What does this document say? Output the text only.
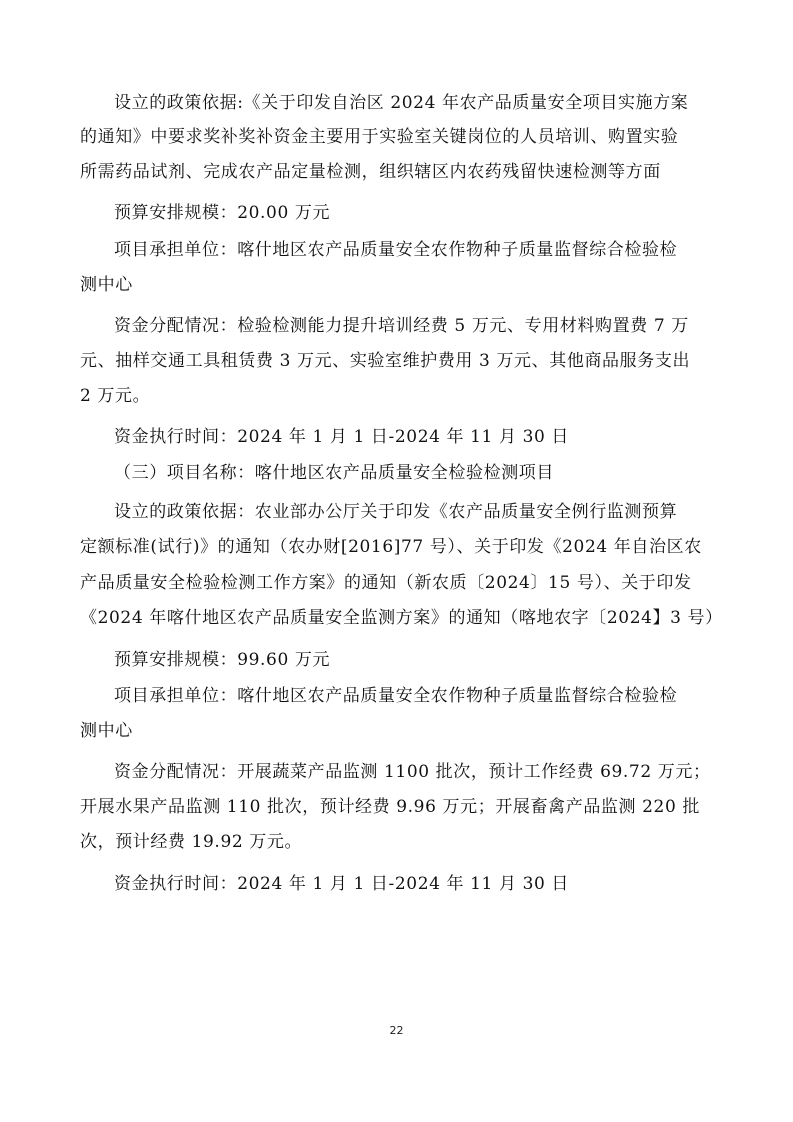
设立的政策依据:《关于印发自治区 2024 年农产品质量安全项目实施方案
的通知》中要求奖补奖补资金主要用于实验室关键岗位的人员培训、购置实验
所需药品试剂、完成农产品定量检测，组织辖区内农药残留快速检测等方面
预算安排规模：20.00 万元
项目承担单位：喀什地区农产品质量安全农作物种子质量监督综合检验检
测中心
资金分配情况：检验检测能力提升培训经费 5 万元、专用材料购置费 7 万
元、抽样交通工具租赁费 3 万元、实验室维护费用 3 万元、其他商品服务支出
2 万元。
资金执行时间：2024 年 1 月 1 日-2024 年 11 月 30 日
（三）项目名称：喀什地区农产品质量安全检验检测项目
设立的政策依据：农业部办公厅关于印发《农产品质量安全例行监测预算
定额标准(试行)》的通知（农办财[2016]77 号）、关于印发《2024 年自治区农
产品质量安全检验检测工作方案》的通知（新农质〔2024〕15 号）、关于印发
《2024 年喀什地区农产品质量安全监测方案》的通知（喀地农字〔2024】3 号）
预算安排规模：99.60 万元
项目承担单位：喀什地区农产品质量安全农作物种子质量监督综合检验检
测中心
资金分配情况：开展蔬菜产品监测 1100 批次，预计工作经费 69.72 万元；
开展水果产品监测 110 批次，预计经费 9.96 万元；开展畜禽产品监测 220 批
次，预计经费 19.92 万元。
资金执行时间：2024 年 1 月 1 日-2024 年 11 月 30 日
22
